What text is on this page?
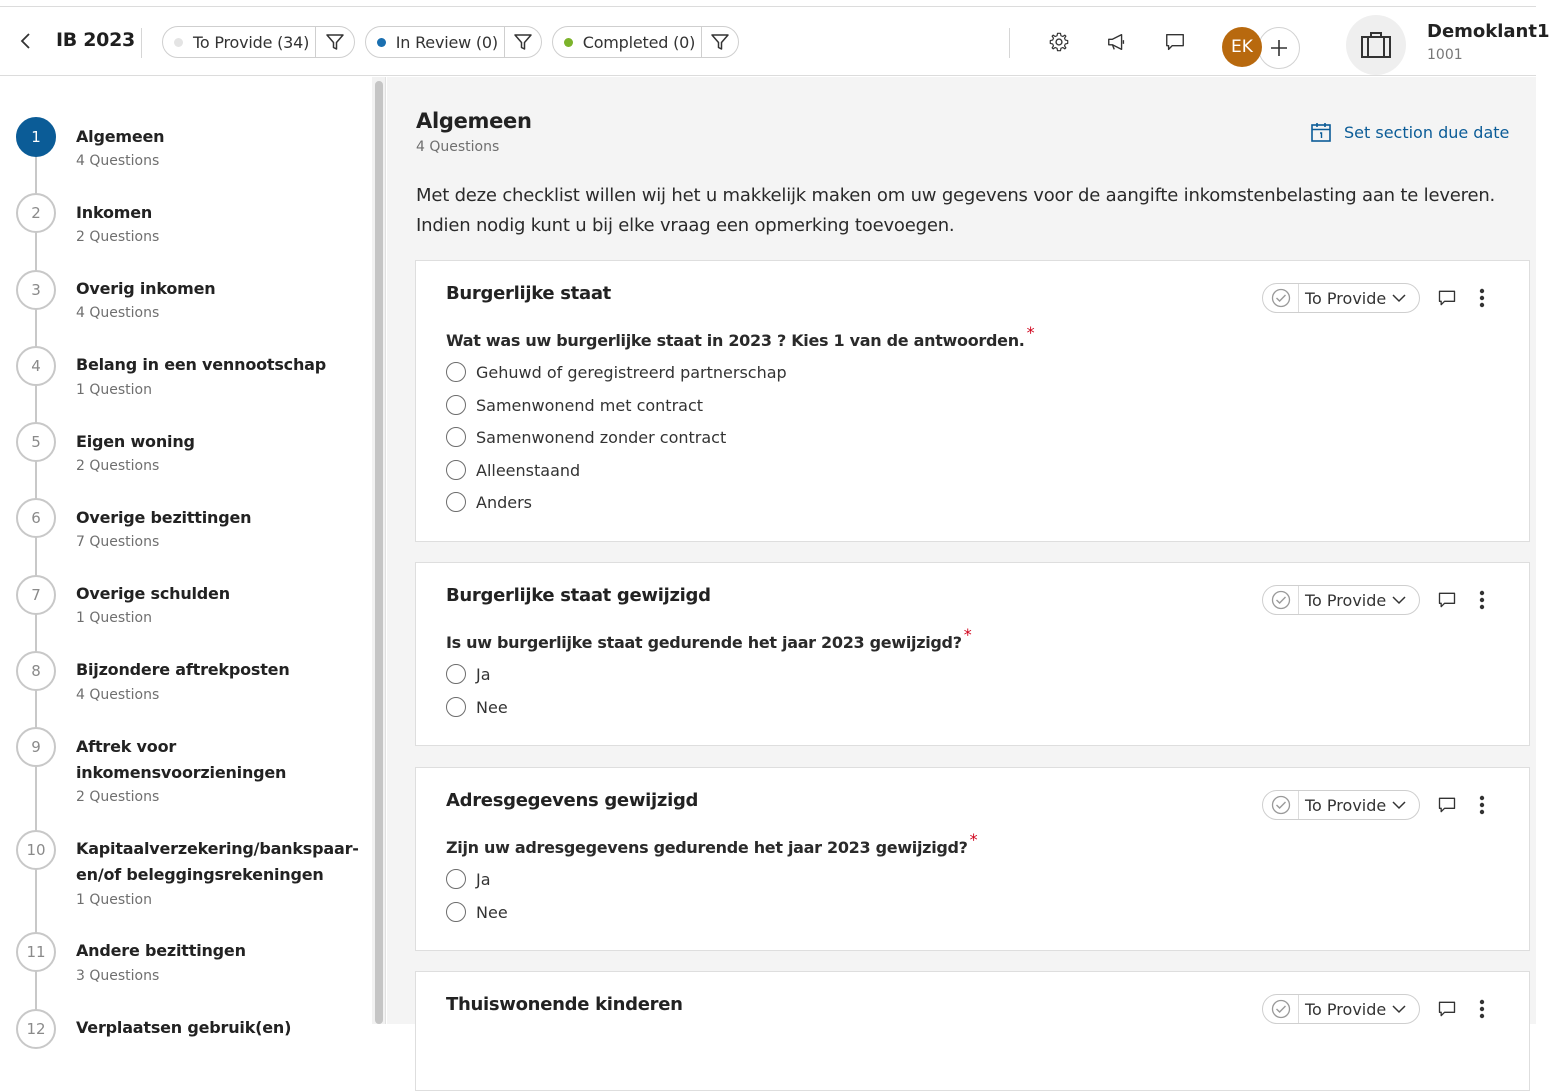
IB 2023	To Provide (34)	In Review (0)	Completed (0)	EK
Demoklant1
1001
1	Algemeen
4 Questions
2	Inkomen
2 Questions
3	Overig inkomen
4 Questions
4	Belang in een vennootschap
1 Question
5	Eigen woning
2 Questions
6	Overige bezittingen
7 Questions
7	Overige schulden
1 Question
8	Bijzondere aftrekposten
4 Questions
9	Aftrek voor inkomensvoorzieningen
2 Questions
10	Kapitaalverzekering/bankspaar-en/of beleggingsrekeningen
1 Question
11	Andere bezittingen
3 Questions
12	Verplaatsen gebruik(en)
Algemeen
4 Questions
Set section due date
Met deze checklist willen wij het u makkelijk maken om uw gegevens voor de aangifte inkomstenbelasting aan te leveren. Indien nodig kunt u bij elke vraag een opmerking toevoegen.
Burgerlijke staat	To Provide
Wat was uw burgerlijke staat in 2023 ? Kies 1 van de antwoorden. *
Gehuwd of geregistreerd partnerschap
Samenwonend met contract
Samenwonend zonder contract
Alleenstaand
Anders
Burgerlijke staat gewijzigd	To Provide
Is uw burgerlijke staat gedurende het jaar 2023 gewijzigd? *
Ja
Nee
Adresgegevens gewijzigd	To Provide
Zijn uw adresgegevens gedurende het jaar 2023 gewijzigd? *
Ja
Nee
Thuiswonende kinderen	To Provide
